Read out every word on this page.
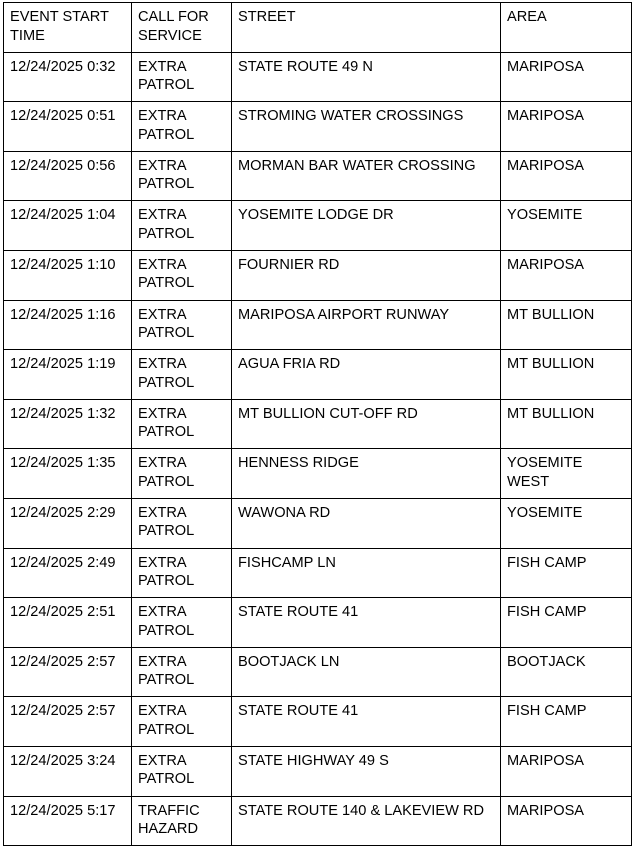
EVENT START TIME	CALL FOR SERVICE	STREET	AREA
12/24/2025 0:32	EXTRA PATROL	STATE ROUTE 49 N	MARIPOSA
12/24/2025 0:51	EXTRA PATROL	STROMING WATER CROSSINGS	MARIPOSA
12/24/2025 0:56	EXTRA PATROL	MORMAN BAR WATER CROSSING	MARIPOSA
12/24/2025 1:04	EXTRA PATROL	YOSEMITE LODGE DR	YOSEMITE
12/24/2025 1:10	EXTRA PATROL	FOURNIER RD	MARIPOSA
12/24/2025 1:16	EXTRA PATROL	MARIPOSA AIRPORT RUNWAY	MT BULLION
12/24/2025 1:19	EXTRA PATROL	AGUA FRIA RD	MT BULLION
12/24/2025 1:32	EXTRA PATROL	MT BULLION CUT-OFF RD	MT BULLION
12/24/2025 1:35	EXTRA PATROL	HENNESS RIDGE	YOSEMITE WEST
12/24/2025 2:29	EXTRA PATROL	WAWONA RD	YOSEMITE
12/24/2025 2:49	EXTRA PATROL	FISHCAMP LN	FISH CAMP
12/24/2025 2:51	EXTRA PATROL	STATE ROUTE 41	FISH CAMP
12/24/2025 2:57	EXTRA PATROL	BOOTJACK LN	BOOTJACK
12/24/2025 2:57	EXTRA PATROL	STATE ROUTE 41	FISH CAMP
12/24/2025 3:24	EXTRA PATROL	STATE HIGHWAY 49 S	MARIPOSA
12/24/2025 5:17	TRAFFIC HAZARD	STATE ROUTE 140 & LAKEVIEW RD	MARIPOSA
